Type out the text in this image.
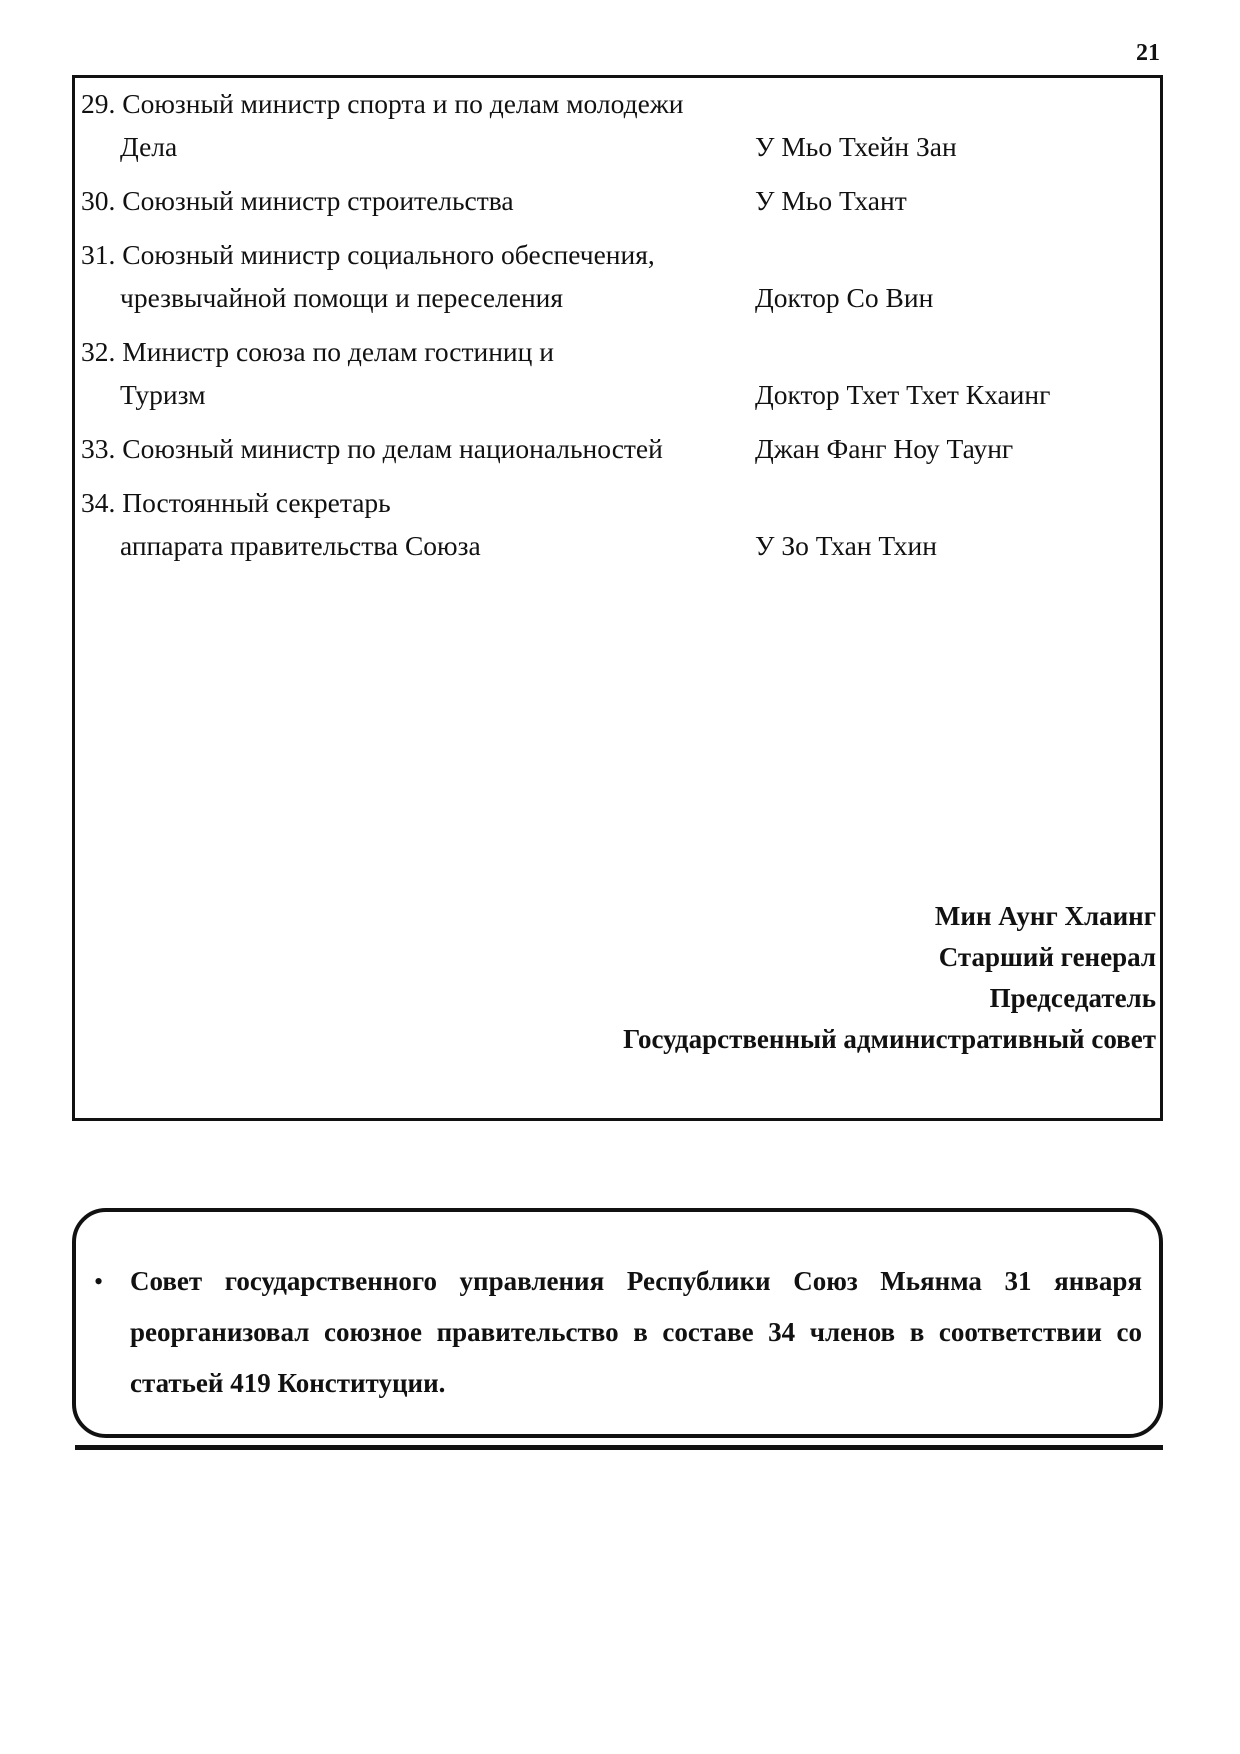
21
29. Союзный министр спорта и по делам молодежи
Дела	У Мьо Тхейн Зан
30. Союзный министр строительства	У Мьо Тхант
31. Союзный министр социального обеспечения,
чрезвычайной помощи и переселения	Доктор Со Вин
32. Министр союза по делам гостиниц и
Туризм	Доктор Тхет Тхет Кхаинг
33. Союзный министр по делам национальностей	Джан Фанг Ноу Таунг
34. Постоянный секретарь
аппарата правительства Союза	У Зо Тхан Тхин
Мин Аунг Хлаинг
Старший генерал
Председатель
Государственный административный совет
• Совет государственного управления Республики Союз Мьянма 31 января реорганизовал союзное правительство в составе 34 членов в соответствии со статьей 419 Конституции.
